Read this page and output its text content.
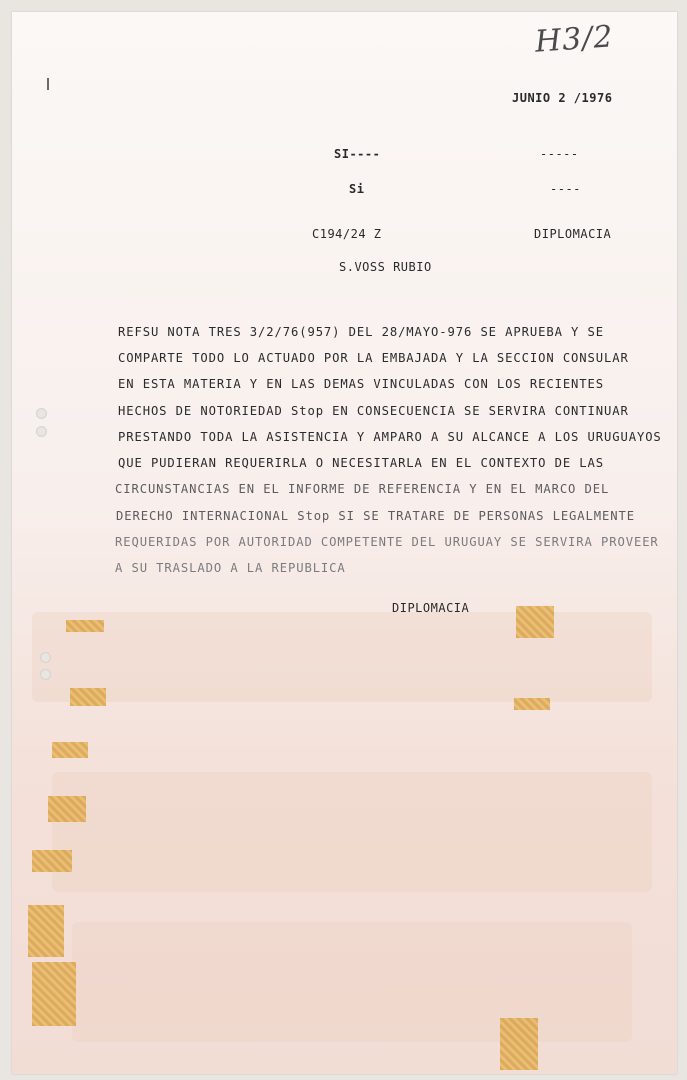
H3/2
JUNIO 2 /1976
SI----	-----
Si	----
C194/24 Z	DIPLOMACIA
S.VOSS RUBIO
REFSU NOTA TRES 3/2/76(957) DEL 28/MAYO-976 SE APRUEBA Y SE
COMPARTE TODO LO ACTUADO POR LA EMBAJADA Y LA SECCION CONSULAR
EN ESTA MATERIA Y EN LAS DEMAS VINCULADAS CON LOS RECIENTES
HECHOS DE NOTORIEDAD Stop EN CONSECUENCIA SE SERVIRA CONTINUAR
PRESTANDO TODA LA ASISTENCIA Y AMPARO A SU ALCANCE A LOS URUGUAYOS
QUE PUDIERAN REQUERIRLA O NECESITARLA EN EL CONTEXTO DE LAS
CIRCUNSTANCIAS EN EL INFORME DE REFERENCIA Y EN EL MARCO DEL
DERECHO INTERNACIONAL Stop SI SE TRATARE DE PERSONAS LEGALMENTE
REQUERIDAS POR AUTORIDAD COMPETENTE DEL URUGUAY SE SERVIRA PROVEER
A SU TRASLADO A LA REPUBLICA
DIPLOMACIA
